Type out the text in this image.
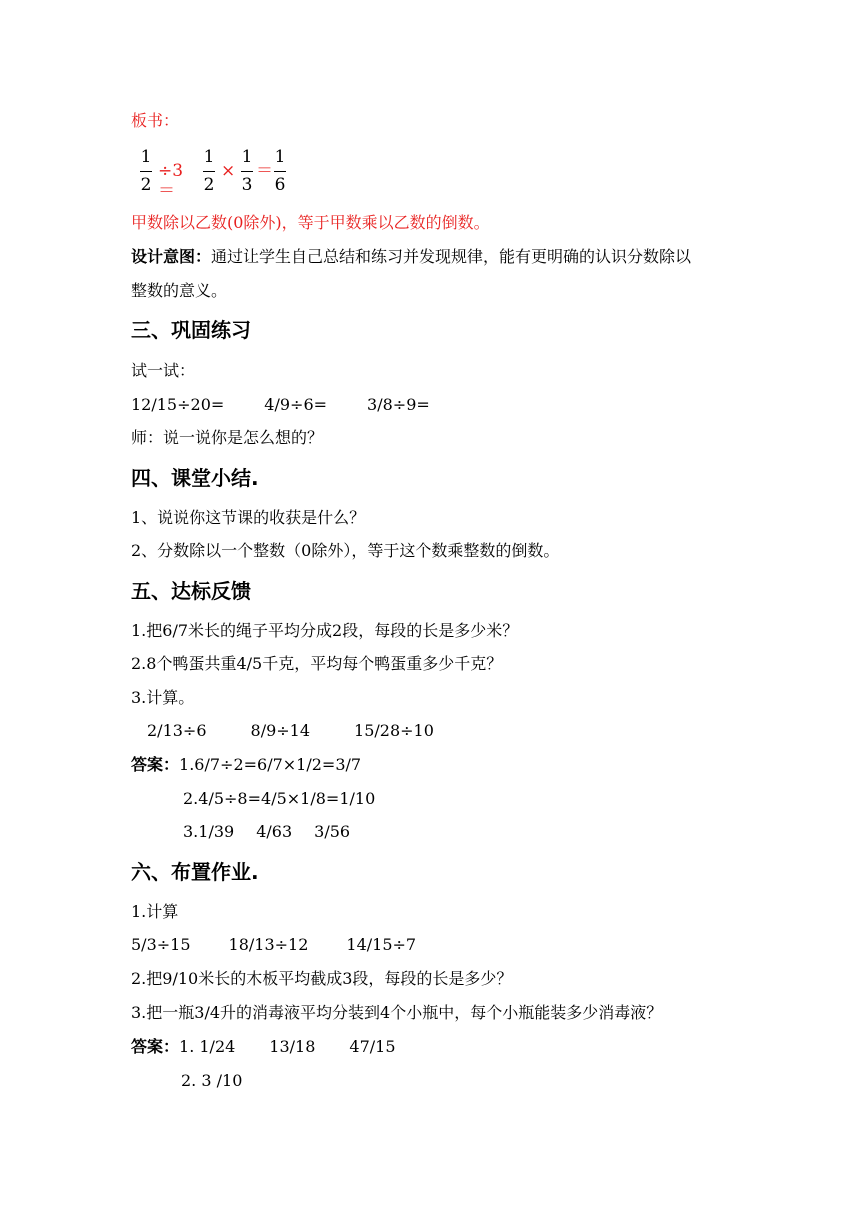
板书：
1
2
÷3＝
1
2
×
1
3
＝
1
6
甲数除以乙数(0除外)，等于甲数乘以乙数的倒数。
设计意图：通过让学生自己总结和练习并发现规律，能有更明确的认识分数除以
整数的意义。
三、巩固练习
试一试：
12/15÷20=	4/9÷6=	3/8÷9=
师：说一说你是怎么想的？
四、课堂小结.
1、说说你这节课的收获是什么？
2、分数除以一个整数（0除外），等于这个数乘整数的倒数。
五、达标反馈
1.把6/7米长的绳子平均分成2段，每段的长是多少米？
2.8个鸭蛋共重4/5千克，平均每个鸭蛋重多少千克？
3.计算。
2/13÷6	8/9÷14	15/28÷10
答案：1.6/7÷2=6/7×1/2=3/7
2.4/5÷8=4/5×1/8=1/10
3.1/39 4/63 3/56
六、布置作业.
1.计算
5/3÷15 18/13÷12 14/15÷7
2.把9/10米长的木板平均截成3段，每段的长是多少？
3.把一瓶3/4升的消毒液平均分装到4个小瓶中，每个小瓶能装多少消毒液？
答案：1. 1/24 13/18 47/15
2. 3 /10
